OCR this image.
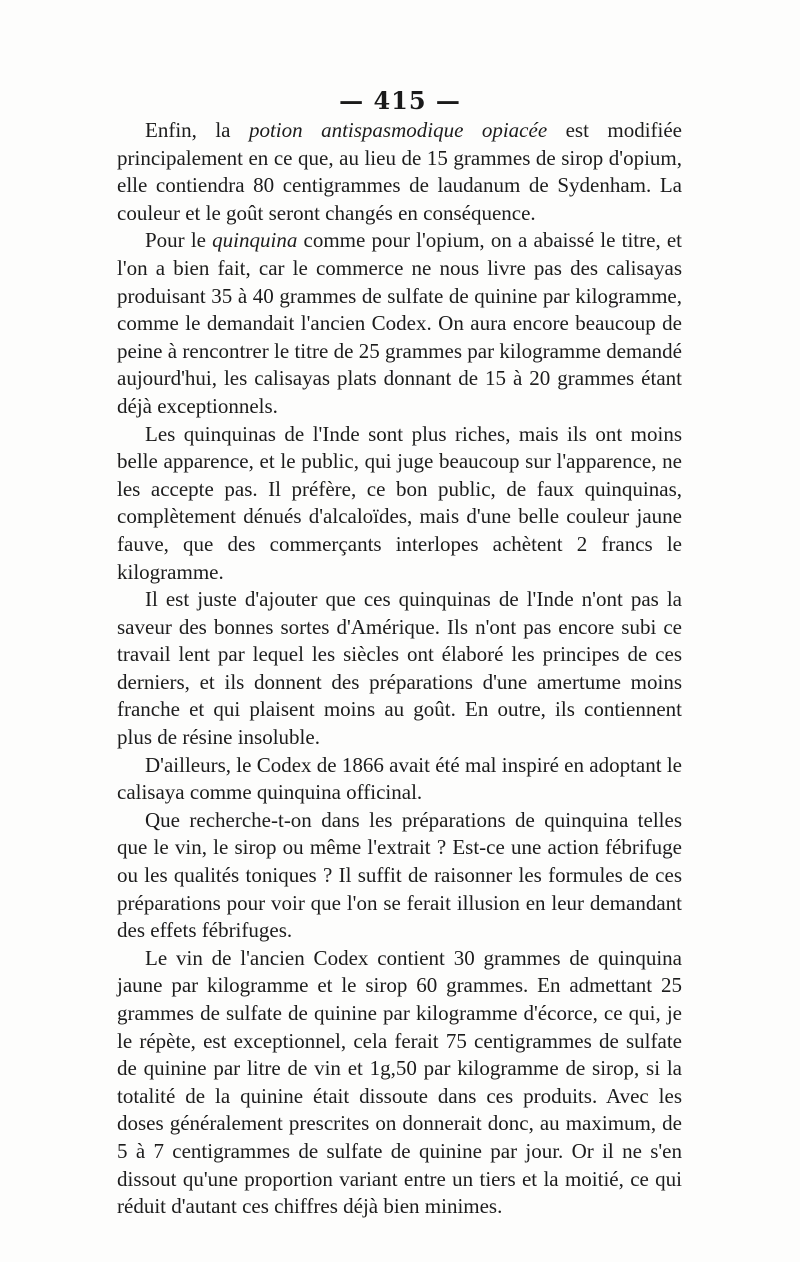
— 415 —

Enfin, la potion antispasmodique opiacée est modifiée principalement en ce que, au lieu de 15 grammes de sirop d'opium, elle contiendra 80 centigrammes de laudanum de Sydenham. La couleur et le goût seront changés en conséquence.

Pour le quinquina comme pour l'opium, on a abaissé le titre, et l'on a bien fait, car le commerce ne nous livre pas des calisayas produisant 35 à 40 grammes de sulfate de quinine par kilogramme, comme le demandait l'ancien Codex. On aura encore beaucoup de peine à rencontrer le titre de 25 grammes par kilogramme demandé aujourd'hui, les calisayas plats donnant de 15 à 20 grammes étant déjà exceptionnels.

Les quinquinas de l'Inde sont plus riches, mais ils ont moins belle apparence, et le public, qui juge beaucoup sur l'apparence, ne les accepte pas. Il préfère, ce bon public, de faux quinquinas, complètement dénués d'alcaloïdes, mais d'une belle couleur jaune fauve, que des commerçants interlopes achètent 2 francs le kilogramme.

Il est juste d'ajouter que ces quinquinas de l'Inde n'ont pas la saveur des bonnes sortes d'Amérique. Ils n'ont pas encore subi ce travail lent par lequel les siècles ont élaboré les principes de ces derniers, et ils donnent des préparations d'une amertume moins franche et qui plaisent moins au goût. En outre, ils contiennent plus de résine insoluble.

D'ailleurs, le Codex de 1866 avait été mal inspiré en adoptant le calisaya comme quinquina officinal.

Que recherche-t-on dans les préparations de quinquina telles que le vin, le sirop ou même l'extrait ? Est-ce une action fébrifuge ou les qualités toniques ? Il suffit de raisonner les formules de ces préparations pour voir que l'on se ferait illusion en leur demandant des effets fébrifuges.

Le vin de l'ancien Codex contient 30 grammes de quinquina jaune par kilogramme et le sirop 60 grammes. En admettant 25 grammes de sulfate de quinine par kilogramme d'écorce, ce qui, je le répète, est exceptionnel, cela ferait 75 centigrammes de sulfate de quinine par litre de vin et 1g,50 par kilogramme de sirop, si la totalité de la quinine était dissoute dans ces produits. Avec les doses généralement prescrites on donnerait donc, au maximum, de 5 à 7 centigrammes de sulfate de quinine par jour. Or il ne s'en dissout qu'une proportion variant entre un tiers et la moitié, ce qui réduit d'autant ces chiffres déjà bien minimes.
